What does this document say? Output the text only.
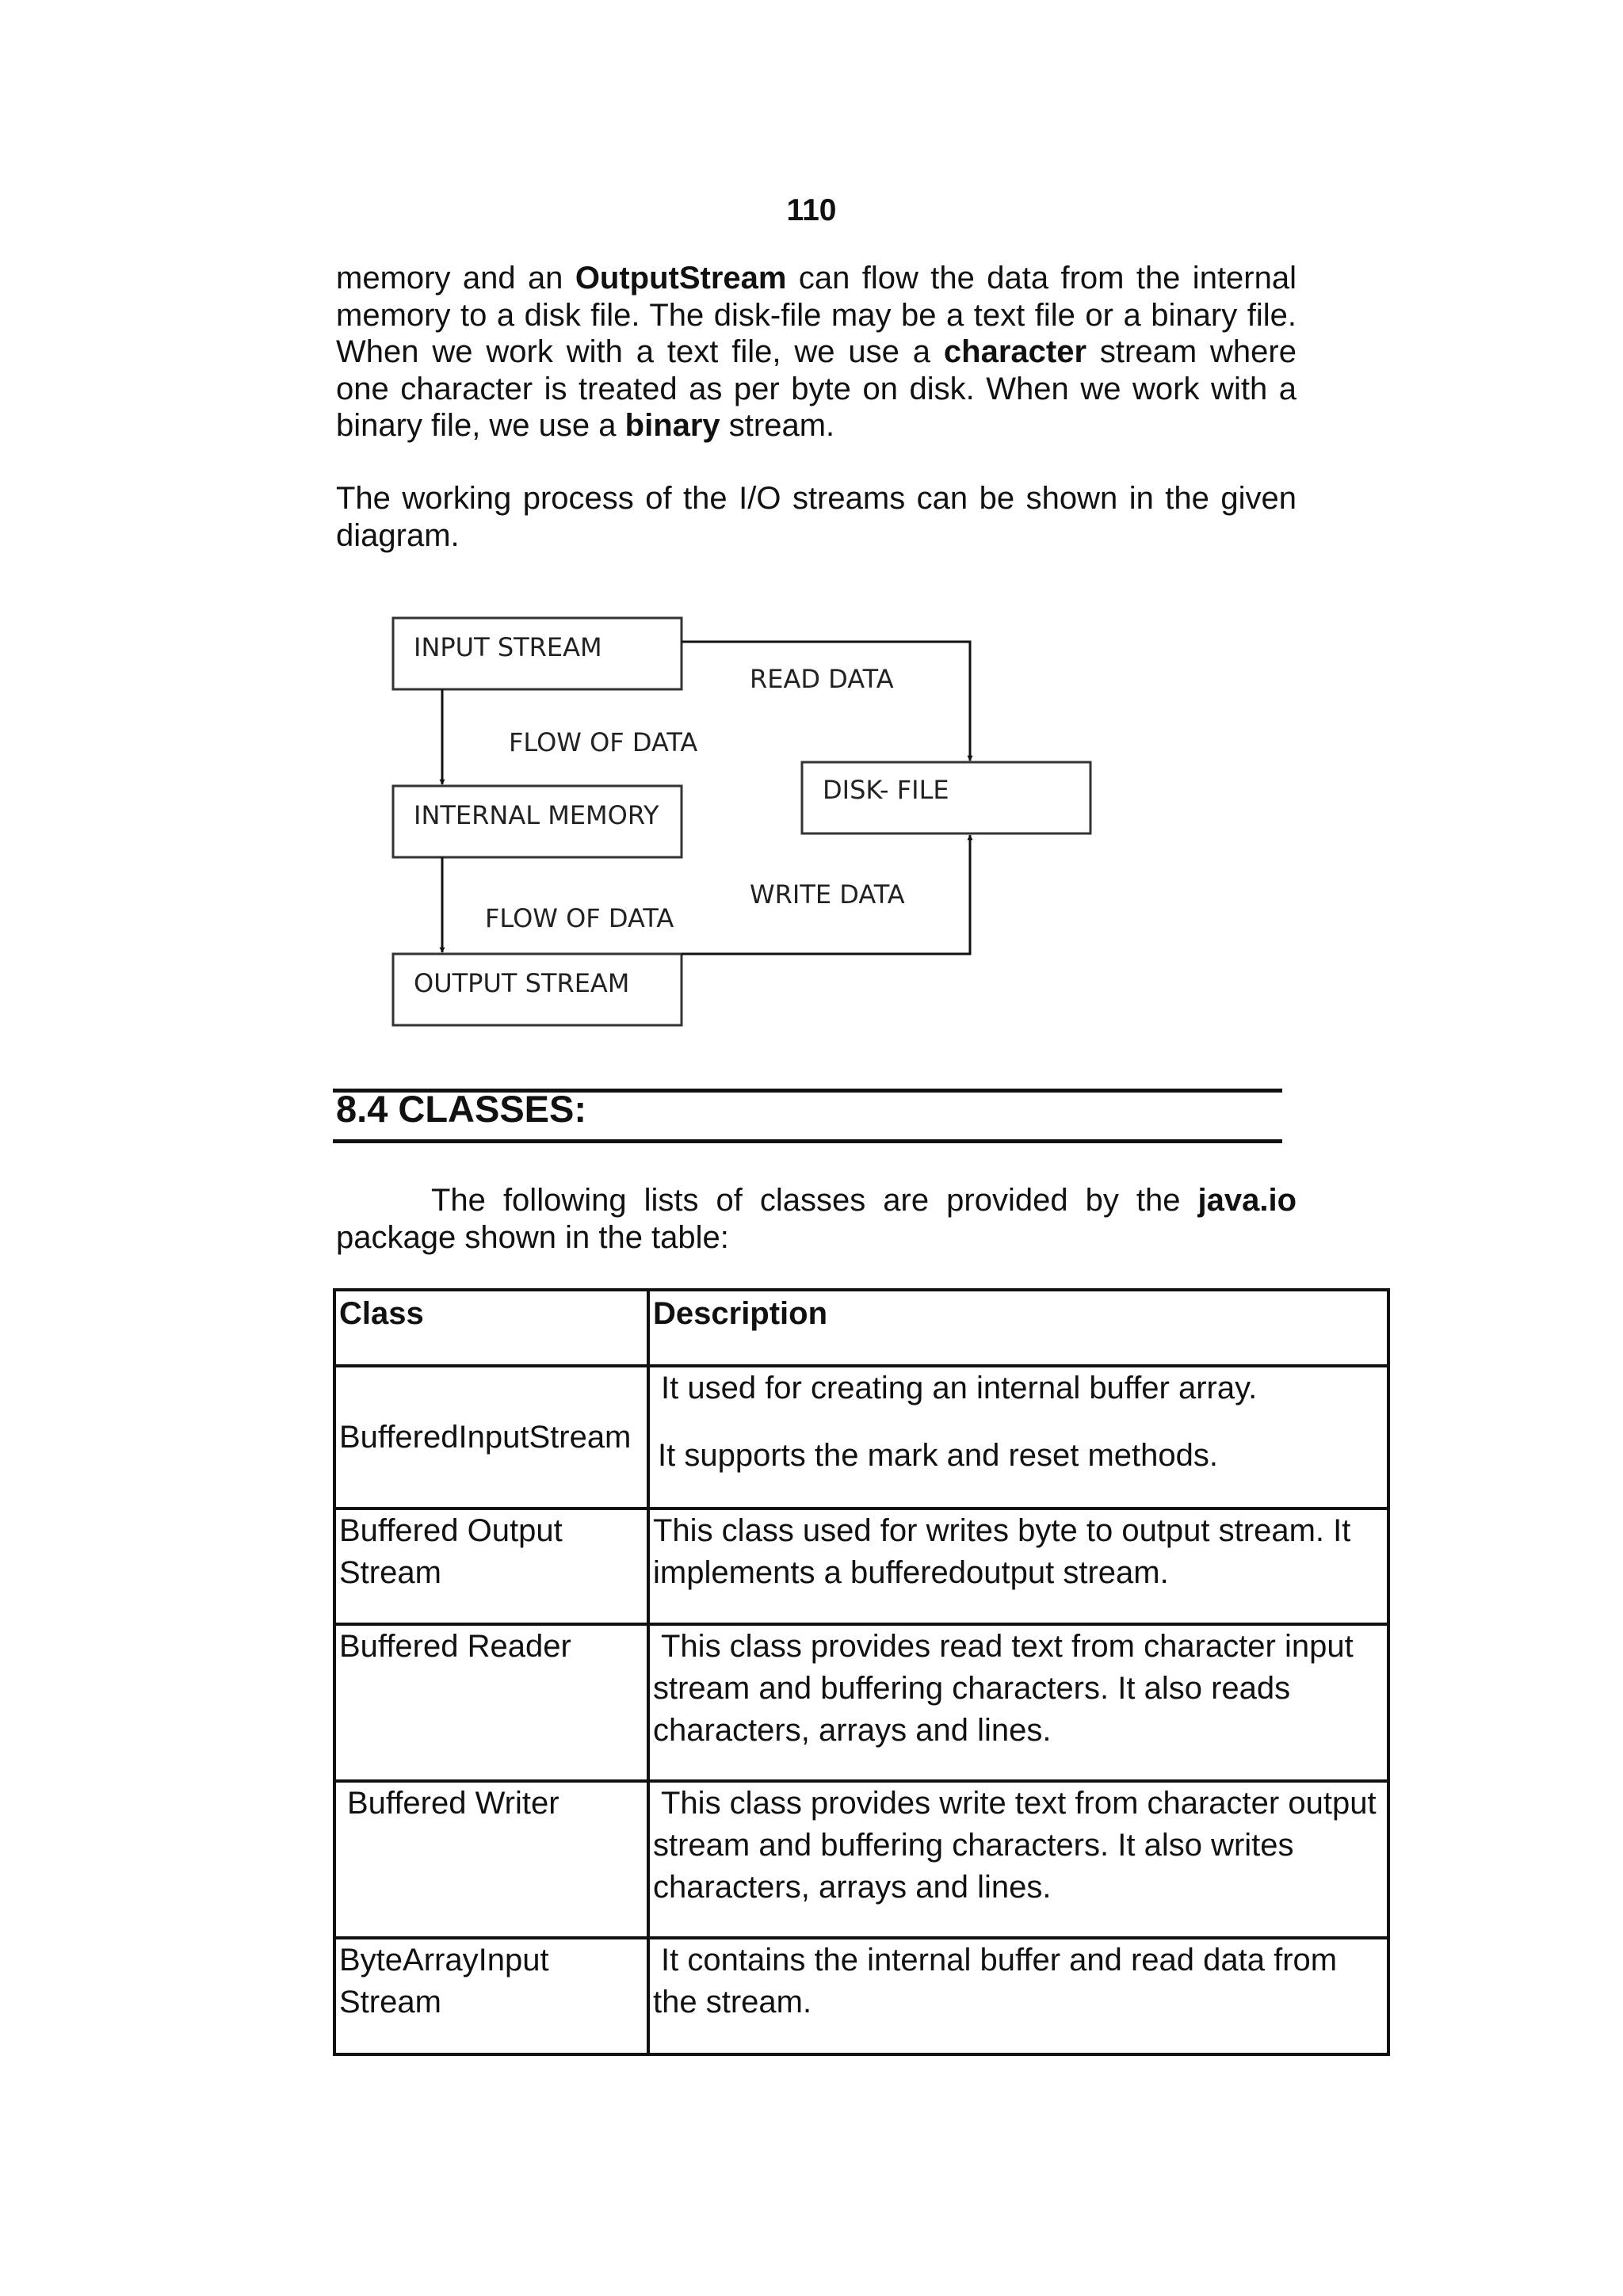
110

memory and an OutputStream can flow the data from the internal memory to a disk file. The disk-file may be a text file or a binary file. When we work with a text file, we use a character stream where one character is treated as per byte on disk. When we work with a binary file, we use a binary stream.

The working process of the I/O streams can be shown in the given diagram.

INPUT STREAM
INTERNAL MEMORY
OUTPUT STREAM
DISK- FILE
READ DATA
WRITE DATA
FLOW OF DATA
FLOW OF DATA
8.4 CLASSES:

The following lists of classes are provided by the java.io package shown in the table:

Class	Description
BufferedInputStream	It used for creating an internal buffer array.
It supports the mark and reset methods.

Buffered Output Stream	This class used for writes byte to output stream. It implements a bufferedoutput stream.
Buffered Reader	This class provides read text from character input stream and buffering characters. It also reads characters, arrays and lines.
Buffered Writer	This class provides write text from character output stream and buffering characters. It also writes characters, arrays and lines.
ByteArrayInput Stream	It contains the internal buffer and read data from the stream.
